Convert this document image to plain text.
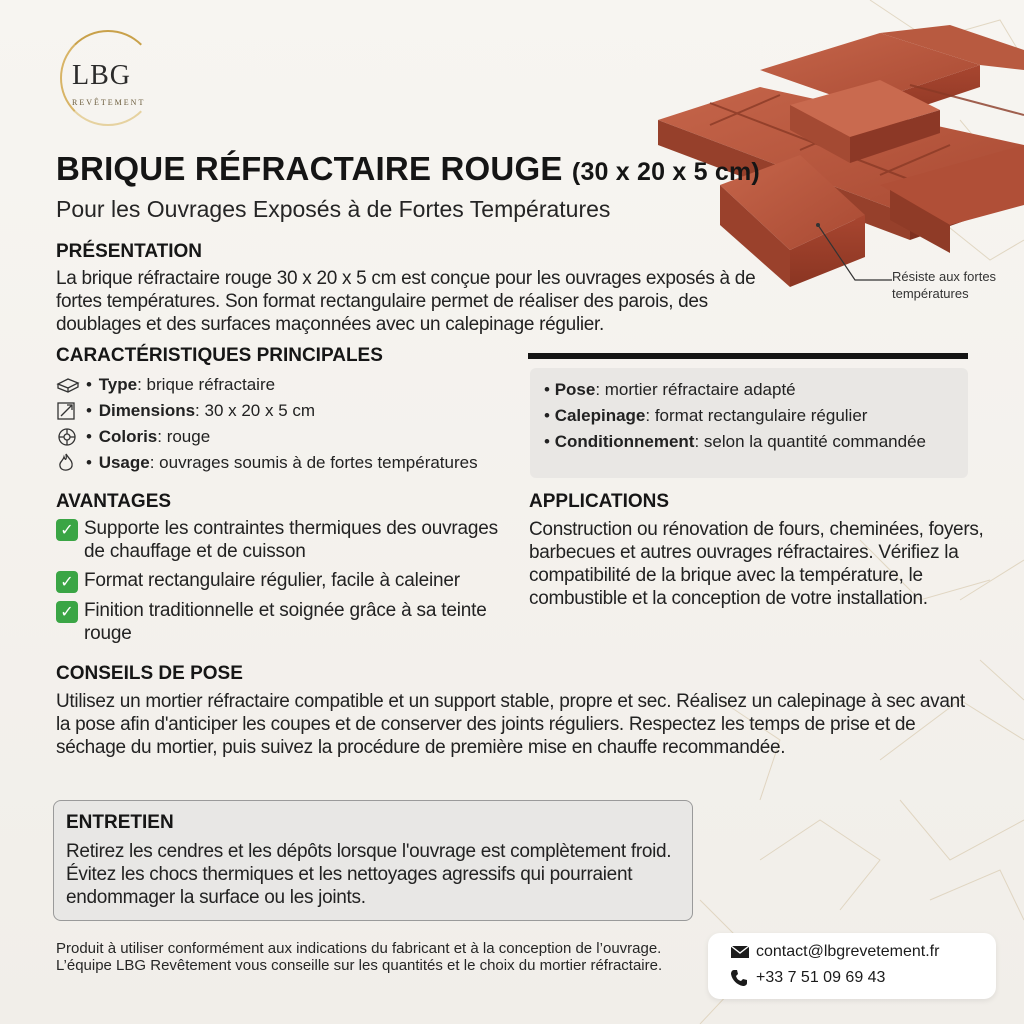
LBG
REVÊTEMENT
Résiste aux fortes températures
BRIQUE RÉFRACTAIRE ROUGE (30 x 20 x 5 cm)
Pour les Ouvrages Exposés à de Fortes Températures
PRÉSENTATION
La brique réfractaire rouge 30 x 20 x 5 cm est conçue pour les ouvrages exposés à de fortes températures. Son format rectangulaire permet de réaliser des parois, des doublages et des surfaces maçonnées avec un calepinage régulier.
CARACTÉRISTIQUES PRINCIPALES
• Type : brique réfractaire
• Dimensions : 30 x 20 x 5 cm
• Coloris : rouge
• Usage : ouvrages soumis à de fortes températures
• Pose : mortier réfractaire adapté
• Calepinage : format rectangulaire régulier
• Conditionnement : selon la quantité commandée
AVANTAGES
✓ Supporte les contraintes thermiques des ouvrages de chauffage et de cuisson
✓ Format rectangulaire régulier, facile à caleiner
✓ Finition traditionnelle et soignée grâce à sa teinte rouge
APPLICATIONS
Construction ou rénovation de fours, cheminées, foyers, barbecues et autres ouvrages réfractaires. Vérifiez la compatibilité de la brique avec la température, le combustible et la conception de votre installation.
CONSEILS DE POSE
Utilisez un mortier réfractaire compatible et un support stable, propre et sec. Réalisez un calepinage à sec avant la pose afin d'anticiper les coupes et de conserver des joints réguliers. Respectez les temps de prise et de séchage du mortier, puis suivez la procédure de première mise en chauffe recommandée.
ENTRETIEN
Retirez les cendres et les dépôts lorsque l'ouvrage est complètement froid. Évitez les chocs thermiques et les nettoyages agressifs qui pourraient endommager la surface ou les joints.
Produit à utiliser conformément aux indications du fabricant et à la conception de l’ouvrage. L’équipe LBG Revêtement vous conseille sur les quantités et le choix du mortier réfractaire.
contact@lbgrevetement.fr
+33 7 51 09 69 43
